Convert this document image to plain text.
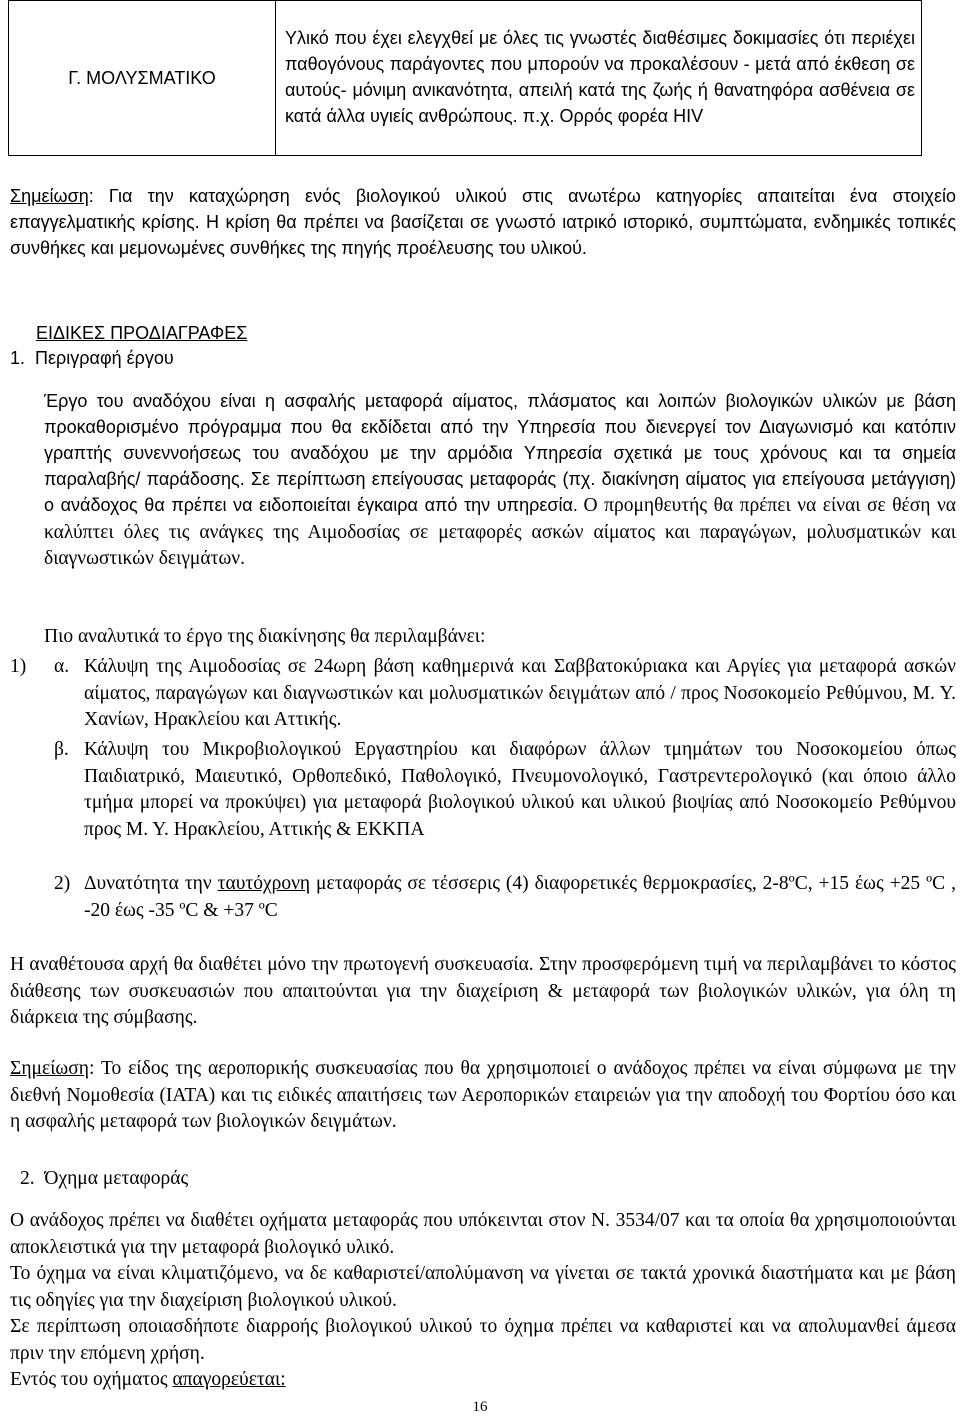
Γ. ΜΟΛΥΣΜΑΤΙΚΟ	Υλικό που έχει ελεγχθεί με όλες τις γνωστές διαθέσιμες δοκιμασίες ότι περιέχει παθογόνους παράγοντες που μπορούν να προκαλέσουν - μετά από έκθεση σε αυτούς- μόνιμη ανικανότητα, απειλή κατά της ζωής ή θανατηφόρα ασθένεια σε κατά άλλα υγιείς ανθρώπους. π.χ. Ορρός φορέα HIV

Σημείωση: Για την καταχώρηση ενός βιολογικού υλικού στις ανωτέρω κατηγορίες απαιτείται ένα στοιχείο επαγγελματικής κρίσης. Η κρίση θα πρέπει να βασίζεται σε γνωστό ιατρικό ιστορικό, συμπτώματα, ενδημικές τοπικές συνθήκες και μεμονωμένες συνθήκες της πηγής προέλευσης του υλικού.

ΕΙΔΙΚΕΣ ΠΡΟΔΙΑΓΡΑΦΕΣ

1. Περιγραφή έργου

Έργο του αναδόχου είναι η ασφαλής μεταφορά αίματος, πλάσματος και λοιπών βιολογικών υλικών με βάση προκαθορισμένο πρόγραμμα που θα εκδίδεται από την Υπηρεσία που διενεργεί τον Διαγωνισμό και κατόπιν γραπτής συνεννοήσεως του αναδόχου με την αρμόδια Υπηρεσία σχετικά με τους χρόνους και τα σημεία παραλαβής/ παράδοσης. Σε περίπτωση επείγουσας μεταφοράς (πχ. διακίνηση αίματος για επείγουσα μετάγγιση) ο ανάδοχος θα πρέπει να ειδοποιείται έγκαιρα από την υπηρεσία. Ο προμηθευτής θα πρέπει να είναι σε θέση να καλύπτει όλες τις ανάγκες της Αιμοδοσίας σε μεταφορές ασκών αίματος και παραγώγων, μολυσματικών και διαγνωστικών δειγμάτων.

Πιο αναλυτικά το έργο της διακίνησης θα περιλαμβάνει:

1) α. Κάλυψη της Αιμοδοσίας σε 24ωρη βάση καθημερινά και Σαββατοκύριακα και Αργίες για μεταφορά ασκών αίματος, παραγώγων και διαγνωστικών και μολυσματικών δειγμάτων από / προς Νοσοκομείο Ρεθύμνου, Μ. Υ. Χανίων, Ηρακλείου και Αττικής.

β. Κάλυψη του Μικροβιολογικού Εργαστηρίου και διαφόρων άλλων τμημάτων του Νοσοκομείου όπως Παιδιατρικό, Μαιευτικό, Ορθοπεδικό, Παθολογικό, Πνευμονολογικό, Γαστρεντερολογικό (και όποιο άλλο τμήμα μπορεί να προκύψει) για μεταφορά βιολογικού υλικού και υλικού βιοψίας από Νοσοκομείο Ρεθύμνου προς Μ. Υ. Ηρακλείου, Αττικής & ΕΚΚΠΑ

2) Δυνατότητα την ταυτόχρονη μεταφοράς σε τέσσερις (4) διαφορετικές θερμοκρασίες, 2-8ºC, +15 έως +25 ºC , -20 έως -35 ºC & +37 ºC

Η αναθέτουσα αρχή θα διαθέτει μόνο την πρωτογενή συσκευασία. Στην προσφερόμενη τιμή να περιλαμβάνει το κόστος διάθεσης των συσκευασιών που απαιτούνται για την διαχείριση & μεταφορά των βιολογικών υλικών, για όλη τη διάρκεια της σύμβασης.

Σημείωση: Το είδος της αεροπορικής συσκευασίας που θα χρησιμοποιεί ο ανάδοχος πρέπει να είναι σύμφωνα με την διεθνή Νομοθεσία (ΙΑΤΑ) και τις ειδικές απαιτήσεις των Αεροπορικών εταιρειών για την αποδοχή του Φορτίου όσο και η ασφαλής μεταφορά των βιολογικών δειγμάτων.

2. Όχημα μεταφοράς

Ο ανάδοχος πρέπει να διαθέτει οχήματα μεταφοράς που υπόκεινται στον Ν. 3534/07 και τα οποία θα χρησιμοποιούνται αποκλειστικά για την μεταφορά βιολογικό υλικό.

Το όχημα να είναι κλιματιζόμενο, να δε καθαριστεί/απολύμανση να γίνεται σε τακτά χρονικά διαστήματα και με βάση τις οδηγίες για την διαχείριση βιολογικού υλικού.

Σε περίπτωση οποιασδήποτε διαρροής βιολογικού υλικού το όχημα πρέπει να καθαριστεί και να απολυμανθεί άμεσα πριν την επόμενη χρήση.

Εντός του οχήματος απαγορεύεται:

16
